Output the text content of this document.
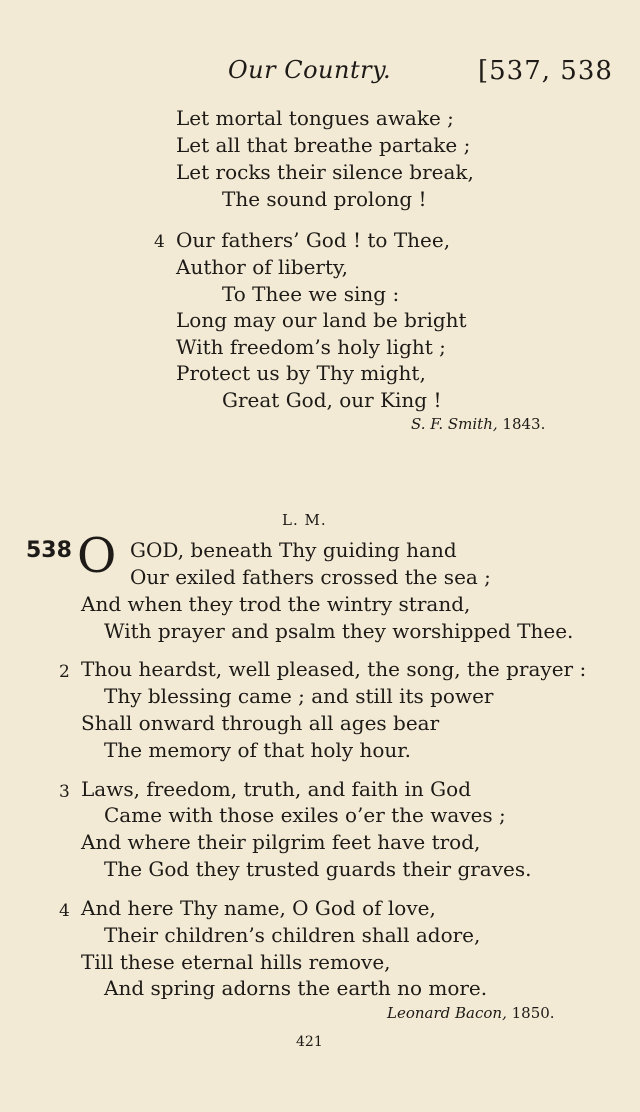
Our Country.	[537, 538
Let mortal tongues awake ;
Let all that breathe partake ;
Let rocks their silence break,
The sound prolong !
4 Our fathers’ God ! to Thee,
Author of liberty,
To Thee we sing :
Long may our land be bright
With freedom’s holy light ;
Protect us by Thy might,
Great God, our King !
S. F. Smith, 1843.
L. M.
538 O GOD, beneath Thy guiding hand
Our exiled fathers crossed the sea ;
And when they trod the wintry strand,
With prayer and psalm they worshipped Thee.
2 Thou heardst, well pleased, the song, the prayer :
Thy blessing came ; and still its power
Shall onward through all ages bear
The memory of that holy hour.
3 Laws, freedom, truth, and faith in God
Came with those exiles o’er the waves ;
And where their pilgrim feet have trod,
The God they trusted guards their graves.
4 And here Thy name, O God of love,
Their children’s children shall adore,
Till these eternal hills remove,
And spring adorns the earth no more.
Leonard Bacon, 1850.
421
